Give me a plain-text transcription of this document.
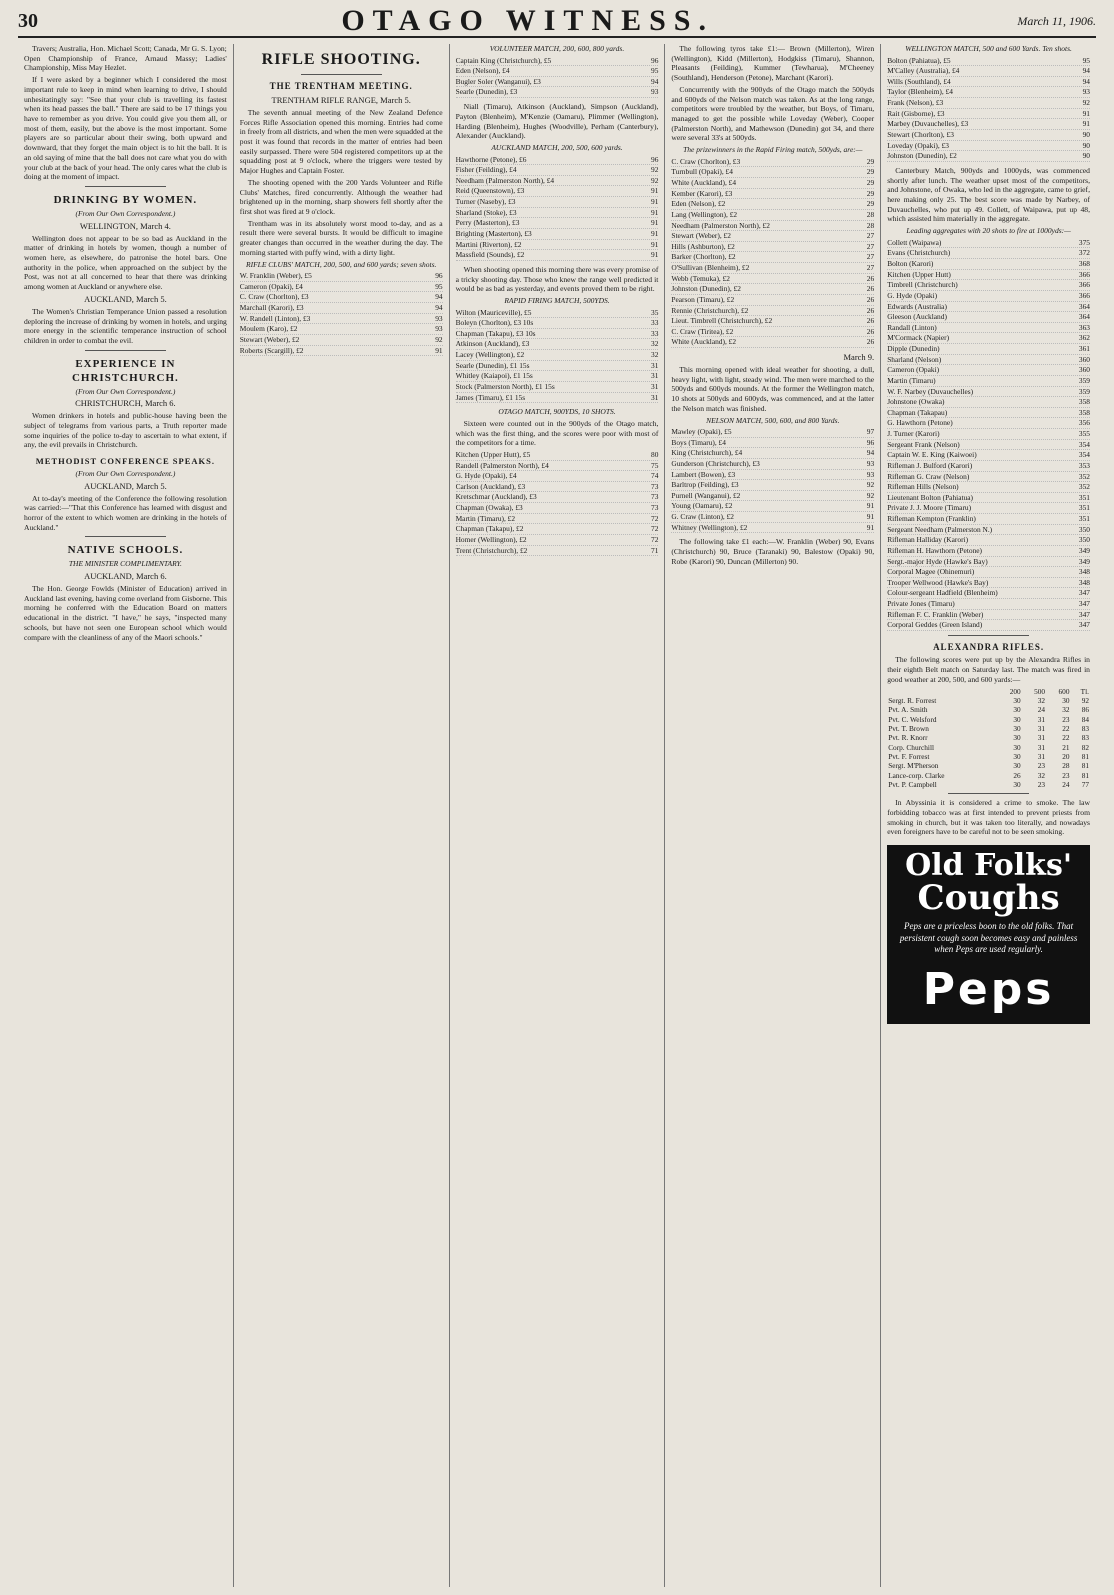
30	OTAGO WITNESS.	March 11, 1906.

Travers; Australia, Hon. Michael Scott; Canada, Mr G. S. Lyon; Open Championship of France, Arnaud Massy; Ladies' Championship, Miss May Hezlet.

If I were asked by a beginner which I considered the most important rule to keep in mind when learning to drive, I should unhesitatingly say: "See that your club is travelling its fastest when its head passes the ball." There are said to be 17 things you have to remember as you drive. You could give you them all, or most of them, easily, but the above is the most important. Some players are so particular about their swing, both upward and downward, that they forget the main object is to hit the ball. It is an old saying of mine that the ball does not care what you do with your club at the back of your head. The only cares what the club is doing at the moment of impact.

DRINKING BY WOMEN.
(From Our Own Correspondent.)
WELLINGTON, March 4.

Wellington does not appear to be so bad as Auckland in the matter of drinking in hotels by women, though a number of women here, as elsewhere, do patronise the hotel bars. One authority in the police, when approached on the subject by the Post, was not at all concerned to hear that there was drinking among women at Auckland or anywhere else.

AUCKLAND, March 5.

The Women's Christian Temperance Union passed a resolution deploring the increase of drinking by women in hotels, and urging more energy in the scientific temperance instruction of school children in order to combat the evil.

EXPERIENCE IN CHRISTCHURCH.
(From Our Own Correspondent.)
CHRISTCHURCH, March 6.

Women drinkers in hotels and public-house having been the subject of telegrams from various parts, a Truth reporter made some inquiries of the police to-day to ascertain to what extent, if any, the evil prevails in Christchurch.

METHODIST CONFERENCE SPEAKS.
(From Our Own Correspondent.)
AUCKLAND, March 5.

At to-day's meeting of the Conference the following resolution was carried:—"That this Conference has learned with disgust and horror of the extent to which women are drinking in the hotels of Auckland."

NATIVE SCHOOLS.
THE MINISTER COMPLIMENTARY.
AUCKLAND, March 6.

The Hon. George Fowlds (Minister of Education) arrived in Auckland last evening, having come overland from Gisborne. This morning he conferred with the Education Board on matters educational in the district. "I have," he says, "inspected many schools, but have not seen one European school which would compare with the cleanliness of any of the Maori schools."

RIFLE SHOOTING.
THE TRENTHAM MEETING.
TRENTHAM RIFLE RANGE, March 5.

The seventh annual meeting of the New Zealand Defence Forces Rifle Association opened this morning. Entries had come in freely from all districts, and when the men were squadded at the post it was found that records in the matter of entries had been easily surpassed. There were 504 registered competitors up at the squadding post at 9 o'clock, where the triggers were tested by Major Hughes and Captain Foster.

The shooting opened with the 200 Yards Volunteer and Rifle Clubs' Matches, fired concurrently. Although the weather had brightened up in the morning, sharp showers fell shortly after the first shot was fired at 9 o'clock.

Trentham was in its absolutely worst mood to-day, and as a result there were several bursts. It would be difficult to imagine greater changes than occurred in the weather during the day. The morning started with puffy wind, with a dirty light.

RIFLE CLUBS' MATCH, 200, 500, and 600 yards; seven shots.
W. Franklin (Weber), £5	96
Cameron (Opaki), £4	95
C. Craw (Chorlton), £3	94
Marchall (Karori), £3	94
W. Randell (Linton), £3	93
Moulem (Karo), £2	93
Stewart (Weber), £2	92
Roberts (Scargill), £2	91
VOLUNTEER MATCH, 200, 600, 800 yards.
Captain King (Christchurch), £5	96
Eden (Nelson), £4	95
Bugler Soler (Wanganui), £3	94
Searle (Dunedin), £3	93

Niall (Timaru), Atkinson (Auckland), Simpson (Auckland), Payton (Blenheim), M'Kenzie (Oamaru), Plimmer (Wellington), Harding (Blenheim), Hughes (Woodville), Perham (Canterbury), Alexander (Auckland).

AUCKLAND MATCH, 200, 500, 600 yards.
Hawthorne (Petone), £6	96
Fisher (Feilding), £4	92
Needham (Palmerston North), £4	92
Reid (Queenstown), £3	91
Turner (Naseby), £3	91
Sharland (Stoke), £3	91
Perry (Masterton), £3	91
Brighting (Masterton), £3	91
Martini (Riverton), £2	91
Massfield (Sounds), £2	91

When shooting opened this morning there was every promise of a tricky shooting day. Those who knew the range well predicted it would be as bad as yesterday, and events proved them to be right.

RAPID FIRING MATCH, 500YDS.
Wilton (Mauriceville), £5	35
Boleyn (Chorlton), £3 10s	33
Chapman (Takapu), £3 10s	33
Atkinson (Auckland), £3	32
Lacey (Wellington), £2	32
Searle (Dunedin), £1 15s	31
Whitley (Kaiapoi), £1 15s	31
Stock (Palmerston North), £1 15s	31
James (Timaru), £1 15s	31
OTAGO MATCH, 900YDS, 10 SHOTS.

Sixteen were counted out in the 900yds of the Otago match, which was the first thing, and the scores were poor with most of the competitors for a time.

Kitchen (Upper Hutt), £5	80
Randell (Palmerston North), £4	75
G. Hyde (Opaki), £4	74
Carlson (Auckland), £3	73
Kretschmar (Auckland), £3	73
Chapman (Owaka), £3	73
Martin (Timaru), £2	72
Chapman (Takapu), £2	72
Homer (Wellington), £2	72
Trent (Christchurch), £2	71

The following tyros take £1:— Brown (Millerton), Wiren (Wellington), Kidd (Millerton), Hodgkiss (Timaru), Shannon, Pleasants (Feilding), Kummer (Tewharua), M'Cheeney (Southland), Henderson (Petone), Marchant (Karori).

Concurrently with the 900yds of the Otago match the 500yds and 600yds of the Nelson match was taken. As at the long range, competitors were troubled by the weather, but Boys, of Timaru, managed to get the possible while Loveday (Weber), Cooper (Palmerston North), and Mathewson (Dunedin) got 34, and there were several 33's at 500yds.

The prizewinners in the Rapid Firing match, 500yds, are:—
C. Craw (Chorlton), £3	29
Turnbull (Opaki), £4	29
White (Auckland), £4	29
Kember (Karori), £3	29
Eden (Nelson), £2	29
Lang (Wellington), £2	28
Needham (Palmerston North), £2	28
Stewart (Weber), £2	27
Hills (Ashburton), £2	27
Barker (Chorlton), £2	27
O'Sullivan (Blenheim), £2	27
Webb (Temuka), £2	26
Johnston (Dunedin), £2	26
Pearson (Timaru), £2	26
Rennie (Christchurch), £2	26
Lieut. Timbrell (Christchurch), £2	26
C. Craw (Tiritea), £2	26
White (Auckland), £2	26
March 9.

This morning opened with ideal weather for shooting, a dull, heavy light, with light, steady wind. The men were marched to the 500yds and 600yds mounds. At the former the Wellington match, 10 shots at 500yds and 600yds, was commenced, and at the latter the Nelson match was finished.

NELSON MATCH, 500, 600, and 800 Yards.
Mawley (Opaki), £5	97
Boys (Timaru), £4	96
King (Christchurch), £4	94
Gunderson (Christchurch), £3	93
Lambert (Bowen), £3	93
Barltrop (Feilding), £3	92
Purnell (Wanganui), £2	92
Young (Oamaru), £2	91
G. Craw (Linton), £2	91
Whitney (Wellington), £2	91

The following take £1 each:—W. Franklin (Weber) 90, Evans (Christchurch) 90, Bruce (Taranaki) 90, Balestow (Opaki) 90, Robe (Karori) 90, Duncan (Millerton) 90.

WELLINGTON MATCH, 500 and 600 Yards. Ten shots.
Bolton (Pahiatua), £5	95
M'Calley (Australia), £4	94
Wills (Southland), £4	94
Taylor (Blenheim), £4	93
Frank (Nelson), £3	92
Rait (Gisborne), £3	91
Marbey (Duvauchelles), £3	91
Stewart (Chorlton), £3	90
Loveday (Opaki), £3	90
Johnston (Dunedin), £2	90

Canterbury Match, 900yds and 1000yds, was commenced shortly after lunch. The weather upset most of the competitors, and Johnstone, of Owaka, who led in the aggregate, came to grief, here making only 25. The best score was made by Narbey, of Duvauchelles, who put up 49. Collett, of Waipawa, put up 48, which assisted him materially in the aggregate.

Leading aggregates with 20 shots to fire at 1000yds:—
Collett (Waipawa)	375
Evans (Christchurch)	372
Bolton (Karori)	368
Kitchen (Upper Hutt)	366
Timbrell (Christchurch)	366
G. Hyde (Opaki)	366
Edwards (Australia)	364
Gleeson (Auckland)	364
Randall (Linton)	363
M'Cormack (Napier)	362
Dipple (Dunedin)	361
Sharland (Nelson)	360
Cameron (Opaki)	360
Martin (Timaru)	359
W. F. Narbey (Duvauchelles)	359
Johnstone (Owaka)	358
Chapman (Takapau)	358
G. Hawthorn (Petone)	356
J. Turner (Karori)	355
Sergeant Frank (Nelson)	354
Captain W. E. King (Kaiwoei)	354
Rifleman J. Bulford (Karori)	353
Rifleman G. Craw (Nelson)	352
Rifleman Hills (Nelson)	352
Lieutenant Bolton (Pahiatua)	351
Private J. J. Moore (Timaru)	351
Rifleman Kempton (Franklin)	351
Sergeant Needham (Palmerston N.)	350
Rifleman Halliday (Karori)	350
Rifleman H. Hawthorn (Petone)	349
Sergt.-major Hyde (Hawke's Bay)	349
Corporal Magee (Ohinemuri)	348
Trooper Wellwood (Hawke's Bay)	348
Colour-sergeant Hadfield (Blenheim)	347
Private Jones (Timaru)	347
Rifleman F. C. Franklin (Weber)	347
Corporal Geddes (Green Island)	347
ALEXANDRA RIFLES.

The following scores were put up by the Alexandra Rifles in their eighth Belt match on Saturday last. The match was fired in good weather at 200, 500, and 600 yards:—

	200	500	600	Tl.
Sergt. R. Forrest	30	32	30	92
Pvt. A. Smith	30	24	32	86
Pvt. C. Welsford	30	31	23	84
Pvt. T. Brown	30	31	22	83
Pvt. R. Knorr	30	31	22	83
Corp. Churchill	30	31	21	82
Pvt. F. Forrest	30	31	20	81
Sergt. M'Pherson	30	23	28	81
Lance-corp. Clarke	26	32	23	81
Pvt. P. Campbell	30	23	24	77

In Abyssinia it is considered a crime to smoke. The law forbidding tobacco was at first intended to prevent priests from smoking in church, but it was taken too literally, and nowadays even foreigners have to be careful not to be seen smoking.

Old Folks'
Coughs
Peps are a priceless boon to the old folks. That persistent cough soon becomes easy and painless when Peps are used regularly.
Peps
